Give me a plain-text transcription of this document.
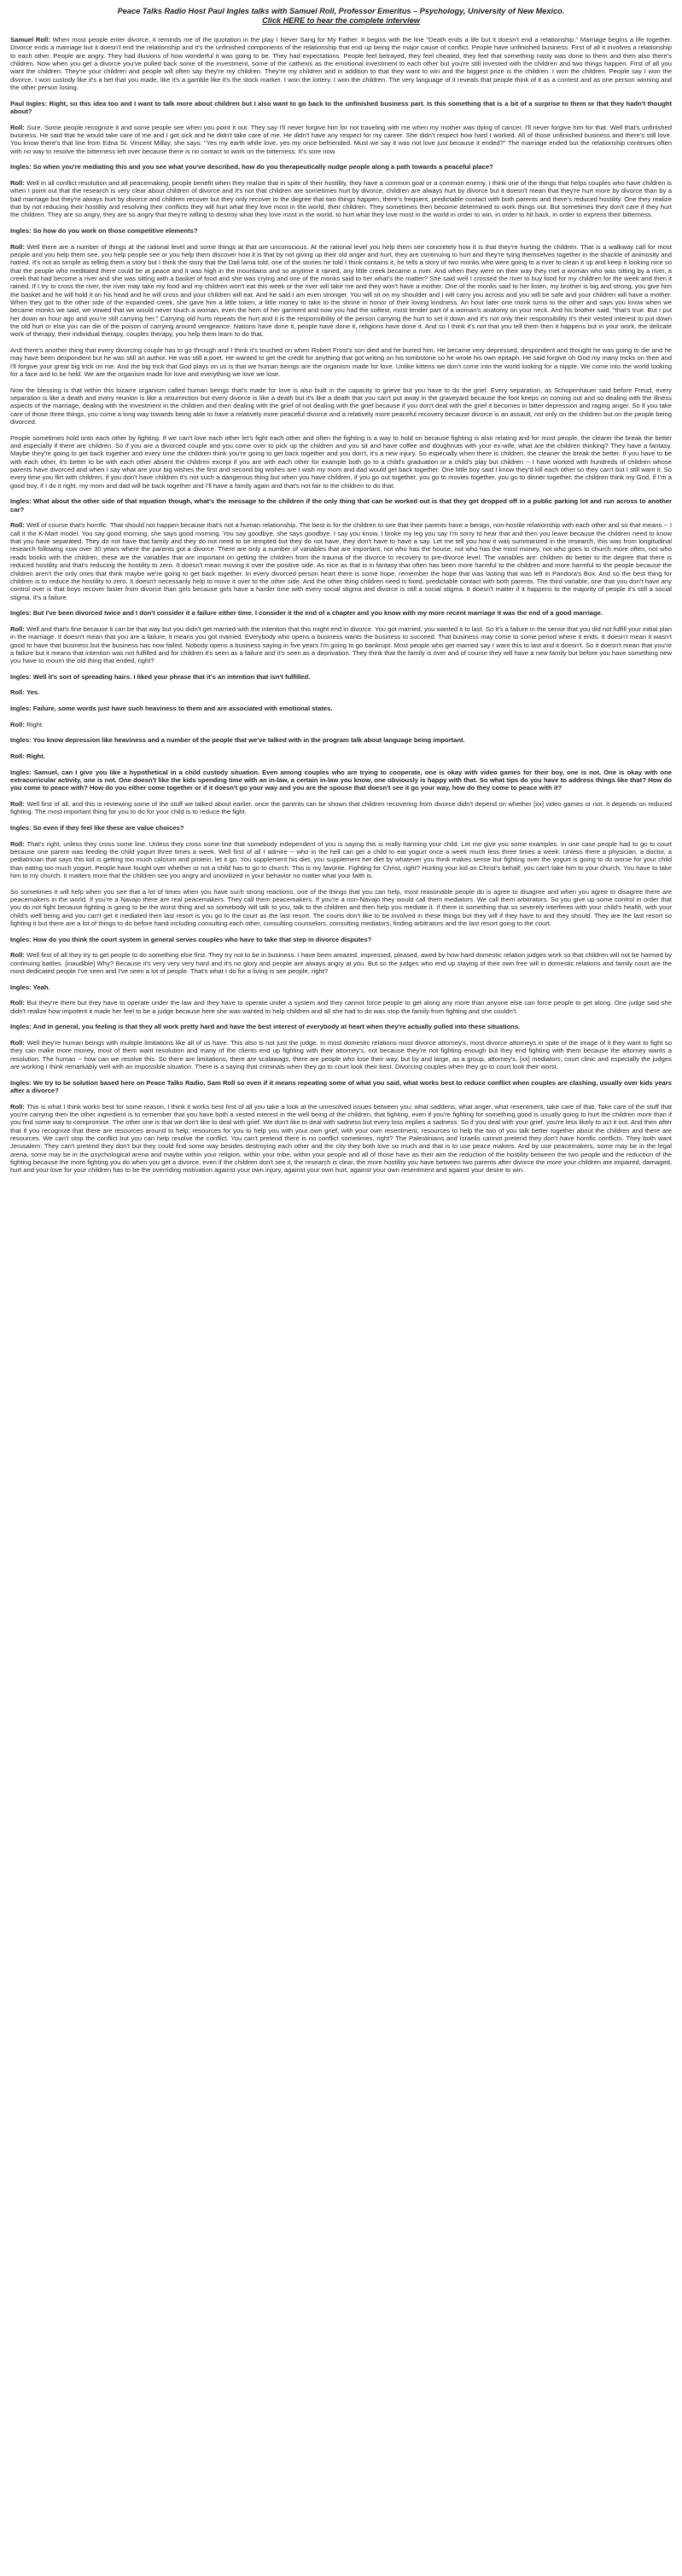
Peace Talks Radio Host Paul Ingles talks with Samuel Roll, Professor Emeritus – Psychology, University of New Mexico.
Click HERE to hear the complete interview

Samuel Roll: When most people enter divorce, it reminds me of the quotation in the play I Never Sang for My Father. It begins with the line "Death ends a life but it doesn't end a relationship." Marriage begins a life together. Divorce ends a marriage but it doesn't end the relationship and it's the unfinished components of the relationship that end up being the major cause of conflict. People have unfinished business. First of all it involves a relationship to each other. People are angry. They had illusions of how wonderful it was going to be. They had expectations. People feel betrayed, they feel cheated, they feel that something nasty was done to them and then also there's children. Now when you get a divorce you've pulled back some of the investment, some of the cathexis as the emotional investment to each other but you're still invested with the children and two things happen. First of all you want the children. They're your children and people will often say they're my children. They're my children and in addition to that they want to win and the biggest prize is the children. I won the children. People say I won the divorce. I won custody like it's a bet that you made, like it's a gamble like it's the stock market. I won the lottery. I won the children. The very language of it reveals that people think of it as a contest and as one person winning and the other person losing.

Paul Ingles: Right, so this idea too and I want to talk more about children but I also want to go back to the unfinished business part. Is this something that is a bit of a surprise to them or that they hadn't thought about?

Roll: Sure. Some people recognize it and some people see when you point it out. They say I'll never forgive him for not traveling with me when my mother was dying of cancer. I'll never forgive him for that. Well that's unfinished business. He said that he would take care of me and I got sick and he didn't take care of me. He didn't have any respect for my career. She didn't respect how hard I worked. All of those unfinished business and there's still love. You know there's that line from Edna St. Vincent Millay, she says: "Yes my earth while love, yes my once befriended. Must we say it was not love just because it ended?" The marriage ended but the relationship continues often with no way to resolve the bitterness left over because there is no contact to work on the bitterness. It's sore now.

Ingles: So when you're mediating this and you see what you've described, how do you therapeutically nudge people along a path towards a peaceful place?

Roll: Well in all conflict resolution and all peacemaking, people benefit when they realize that in spite of their hostility, they have a common goal or a common enemy. I think one of the things that helps couples who have children is when I point out that the research is very clear about children of divorce and it's not that children are sometimes hurt by divorce, children are always hurt by divorce but it doesn't mean that they're hurt more by divorce than by a bad marriage but they're always hurt by divorce and children recover but they only recover to the degree that two things happen; there's frequent, predictable contact with both parents and there's reduced hostility. One they realize that by not reducing their hostility and resolving their conflicts they will hurt what they love most in the world, their children. They sometimes then become determined to work things out. But sometimes they don't care if they hurt the children. They are so angry, they are so angry that they're willing to destroy what they love most in the world, to hurt what they love most in the world in order to win, in order to hit back, in order to express their bitterness.

Ingles: So how do you work on those competitive elements?

Roll: Well there are a number of things at the rational level and some things at that are unconscious. At the rational level you help them see concretely how it is that they're hurting the children. That is a walkway call for most people and you help them see, you help people see or you help them discover how it is that by not giving up their old anger and hurt, they are continuing to hurt and they're tying themselves together in the shackle of animosity and hatred. It's not as simple as telling them a story but I think the story that the Dali lama told, one of the stories he told I think contains it, he tells a story of two monks who were going to a river to clean it up and keep it looking nice so that the people who meditated there could be at peace and it was high in the mountains and so anytime it rained, any little creek became a river. And when they were on their way they met a woman who was sitting by a river, a creek that had become a river and she was sitting with a basket of food and she was crying and one of the monks said to her what's the matter? She said well I crossed the river to buy food for my children for the week and then it rained. If I try to cross the river, the river may take my food and my children won't eat this week or the river will take me and they won't have a mother. One of the monks said to her listen, my brother is big and strong, you give him the basket and he will hold it on his head and he will cross and your children will eat. And he said I am even stronger. You will sit on my shoulder and I will carry you across and you will be safe and your children will have a mother. When they got to the other side of the expanded creek, she gave him a little token, a little money to take to the shrine in honor of their loving kindness. An hour later one monk turns to the other and says you know when we became monks we said, we vowed that we would never touch a woman, even the hem of her garment and now you had the softest, most tender part of a woman's anatomy on your neck. And his brother said, "that's true. But I put her down an hour ago and you're still carrying her." Carrying old hurts repeats the hurt and it is the responsibility of the person carrying the hurt to set it down and it's not only their responsibility it's their vested interest to put down the old hurt or else you can die of the poison of carrying around vengeance. Nations have done it, people have done it, religions have done it. And so I think it's not that you tell them then it happens but in your work, the delicate work of therapy, their individual therapy, couples therapy, you help them learn to do that.

And there's another thing that every divorcing couple has to go through and I think it's touched on when Robert Frost's son died and he buried him. He became very depressed, despondent and thought he was going to die and he may have been despondent but he was still an author. He was still a poet. He wanted to get the credit for anything that got writing on his tombstone so he wrote his own epitaph. He said forgive oh God my many tricks on thee and I'll forgive your great big trick on me. And the big trick that God plays on us is that we human beings are the organism made for love. Unlike kittens we don't come into the world looking for a nipple. We come into the world looking for a face and to be held. We are the organism made for love and everything we love we lose.

Now the blessing is that within this bizarre organism called human beings that's made for love is also built in the capacity to grieve but you have to do the grief. Every separation, as Schopenhauer said before Freud, every separation is like a death and every reunion is like a resurrection but every divorce is like a death but it's like a death that you can't put away in the graveyard because the foot keeps on coming out and so dealing with the illness aspects of the marriage, dealing with the investment in the children and then dealing with the grief of not dealing with the grief because if you don't deal with the grief it becomes in bitter depression and raging anger. So if you take care of those three things, you come a long way towards being able to have a relatively more peaceful divorce and a relatively more peaceful recovery because divorce is an assault, not only on the children but on the people being divorced.

People sometimes hold onto each other by fighting. If we can't love each other let's fight each other and often the fighting is a way to hold on because fighting is also relating and for most people, the clearer the break the better and especially if there are children. So if you are a divorced couple and you come over to pick up the children and you sit and have coffee and doughnuts with your ex-wife, what are the children thinking? They have a fantasy. Maybe they're going to get back together and every time the children think you're going to get back together and you don't, it's a new injury. So especially when there is children, the cleaner the break the better. If you have to be with each other, it's better to be with each other absent the children except if you are with each other for example both go to a child's graduation or a child's play but children -- I have worked with hundreds of children whose parents have divorced and when I say what are your big wishes the first and second big wishes are I wish my mom and dad would get back together. One little boy said I know they'd kill each other so they can't but I still want it. So every time you flirt with children, if you don't have children it's not such a dangerous thing but when you have children, if you go out together, you go to movies together, you go to dinner together, the children think my God, if I'm a good boy, if I do it right, my mom and dad will be back together and I'll have a family again and that's not fair to the children to do that.

Ingles: What about the other side of that equation though, what's the message to the children if the only thing that can be worked out is that they get dropped off in a public parking lot and run across to another car?

Roll: Well of course that's horrific. That should not happen because that's not a human relationship. The best is for the children to see that their parents have a benign, non-hostile relationship with each other and so that means -- I call it the K-Mart model. You say good morning, she says good morning. You say goodbye, she says goodbye. I say you know, I broke my leg you say I'm sorry to hear that and then you leave because the children need to know that you have separated. They do not have that family and they do not need to be tempted but they do not have, they don't have to have a say. Let me tell you how it was summarized in the research, this was from longitudinal research following now over 30 years where the parents got a divorce. There are only a number of variables that are important, not who has the house, not who has the most money, not who goes to church more often, not who reads books with the children, these are the variables that are important on getting the children from the trauma of the divorce to recovery to pre-divorce level. The variables are: children do better to the degree that there is reduced hostility and that's reducing the hostility to zero. It doesn't mean moving it over the positive side. As nice as that is in fantasy that often has been more harmful to the children and more harmful to the people because the children aren't the only ones that think maybe we're going to get back together. In every divorced person heart there is some hope, remember the hope that was lasting that was left in Pandora's Box. And so the best thing for children is to reduce the hostility to zero. It doesn't necessarily help to move it over to the other side. And the other thing children need is fixed, predictable contact with both parents. The third variable, one that you don't have any control over is that boys recover faster from divorce than girls because girls have a harder time with every social stigma and divorce is still a social stigma. It doesn't matter if it happens to the majority of people it's still a social stigma. It's a failure.

Ingles: But I've been divorced twice and I don't consider it a failure either time. I consider it the end of a chapter and you know with my more recent marriage it was the end of a good marriage.

Roll: Well and that's fine because it can be that way but you didn't get married with the intention that this might end in divorce. You got married, you wanted it to last. So it's a failure in the sense that you did not fulfill your initial plan in the marriage. It doesn't mean that you are a failure, it means you got married. Everybody who opens a business wants the business to succeed. That business may come to some period where it ends. It doesn't mean it wasn't good to have that business but the business has now failed. Nobody opens a business saying in five years I'm going to go bankrupt. Most people who get married say I want this to last and it doesn't. So it doesn't mean that you're a failure but it means that intention was not fulfilled and for children it's seen as a failure and it's seen as a deprivation. They think that the family is over and of course they will have a new family but before you have something new you have to mourn the old thing that ended, right?

Ingles: Well it's sort of spreading hairs. I liked your phrase that it's an intention that isn't fulfilled.

Roll: Yes.

Ingles: Failure, some words just have such heaviness to them and are associated with emotional states.

Roll: Right.

Ingles: You know depression like heaviness and a number of the people that we've talked with in the program talk about language being important.

Roll: Right.

Ingles: Samuel, can I give you like a hypothetical in a child custody situation. Even among couples who are trying to cooperate, one is okay with video games for their boy, one is not. One is okay with one extracurricular activity, one is not. One doesn't like the kids spending time with an in-law, a certain in-law you know, one obviously is happy with that. So what tips do you have to address things like that? How do you come to peace with? How do you either come together or if it doesn't go your way and you are the spouse that doesn't see it go your way, how do they come to peace with it?

Roll: Well first of all, and this is reviewing some of the stuff we talked about earlier, once the parents can be shown that children recovering from divorce didn't depend on whether [xx] video games or not. It depends on reduced fighting. The most important thing for you to do for your child is to reduce the fight.

Ingles: So even if they feel like these are value choices?

Roll: That's right, unless they cross some line. Unless they cross some line that somebody independent of you is saying this is really harming your child. Let me give you some examples. In one case people had to go to court because one parent was feeding the child yogurt three times a week. Well first of all I admire -- who in the hell can get a child to eat yogurt once a week much less three times a week. Unless there a physician, a doctor, a pediatrician that says this kid is getting too much calcium and protein, let it go. You supplement his diet, you supplement her diet by whatever you think makes sense but fighting over the yogurt is going to do worse for your child than eating too much yogurt. People have fought over whether or not a child has to go to church. This is my favorite. Fighting for Christ, right? Hurting your kid on Christ's behalf; you can't take him to your church. You have to take him to my church. It matters more that the children see you angry and uncivilized in your behavior no matter what your faith is.

So sometimes it will help when you see that a lot of times when you have such strong reactions, one of the things that you can help, most reasonable people do is agree to disagree and when you agree to disagree there are peacemakers in the world. If you're a Navajo there are real peacemakers. They call them peacemakers. If you're a non-Navajo they would call them mediators. We call them arbitrators. So you give up some control in order that you do not fight because fighting is going to be the worst thing and so somebody will talk to you, talk to the children and then help you mediate it. If there is something that so severely interferes with your child's health, with your child's well being and you can't get it mediated then last resort is you go to the court as the last resort. The courts don't like to be involved in these things but they will if they have to and they should. They are the last resort so fighting it but there are a lot of things to do before hand including consulting each other, consulting counselors, consulting mediators, finding arbitrators and the last resort going to the court.

Ingles: How do you think the court system in general serves couples who have to take that step in divorce disputes?

Roll: Well first of all they try to get people to do something else first. They try not to be in business. I have been amazed, impressed, pleased, awed by how hard domestic relation judges work so that children will not be harmed by continuing battles. [inaudible] Why? Because it's very very very hard and it's no glory and people are always angry at you. But so the judges who end up staying of their own free will in domestic relations and family court are the most dedicated people I've seen and I've seen a lot of people. That's what I do for a living is see people, right?

Ingles: Yeah.

Roll: But they're there but they have to operate under the law and they have to operate under a system and they cannot force people to get along any more than anyone else can force people to get along. One judge said she didn't realize how impotent it made her feel to be a judge because here she was wanted to help children and all she had to do was stop the family from fighting and she couldn't.

Ingles: And in general, you feeling is that they all work pretty hard and have the best interest of everybody at heart when they're actually pulled into these situations.

Roll: Well they're human beings with multiple limitations like all of us have. This also is not just the judge. In most domestic relations most divorce attorney's, most divorce attorneys in spite of the image of it they want to fight so they can make more money, most of them want resolution and many of the clients end up fighting with their attorney's, not because they're not fighting enough but they end fighting with them because the attorney wants a resolution. The human -- how can we resolve this. So there are limitations, there are scalawags, there are people who lose their way, but by and large, as a group, attorney's, [xx] mediators, court clinic and especially the judges are working I think remarkably well with an impossible situation. There is a saying that criminals when they go to court look their best. Divorcing couples when they go to court look their worst.

Ingles: We try to be solution based here on Peace Talks Radio, Sam Roll so even if it means repeating some of what you said, what works best to reduce conflict when couples are clashing, usually over kids years after a divorce?

Roll: This is what I think works best for some reason, I think it works best first of all you take a look at the unresolved issues between you; what saddens, what anger, what resentment, take care of that. Take care of the stuff that you're carrying then the other ingredient is to remember that you have both a vested interest in the well being of the children, that fighting, even if you're fighting for something good is usually going to hurt the children more than if you find some way to compromise. The other one is that we don't like to deal with grief. We don't like to deal with sadness but every loss implies a sadness. So if you deal with your grief, you're less likely to act it out. And then after that if you recognize that there are resources around to help; resources for you to help you with your own grief, with your own resentment, resources to help the two of you talk better together about the children and there are resources. We can't stop the conflict but you can help resolve the conflict. You can't pretend there is no conflict sometimes, right? The Palestinians and Israelis cannot pretend they don't have horrific conflicts. They both want Jerusalem. They can't pretend they don't but they could find some way besides destroying each other and the city they both love so much and that is to use peace makers. And by use peacemakers, some may be in the legal arena, some may be in the psychological arena and maybe within your religion, within your tribe, within your people and all of those have as their aim the reduction of the hostility between the two people and the reduction of the fighting because the more fighting you do when you get a divorce, even if the children don't see it, the research is clear, the more hostility you have between two parents after divorce the more your children are impaired, damaged, hurt and your love for your children has to be the overriding motivation against your own injury, against your own hurt, against your own resentment and against your desire to win.
